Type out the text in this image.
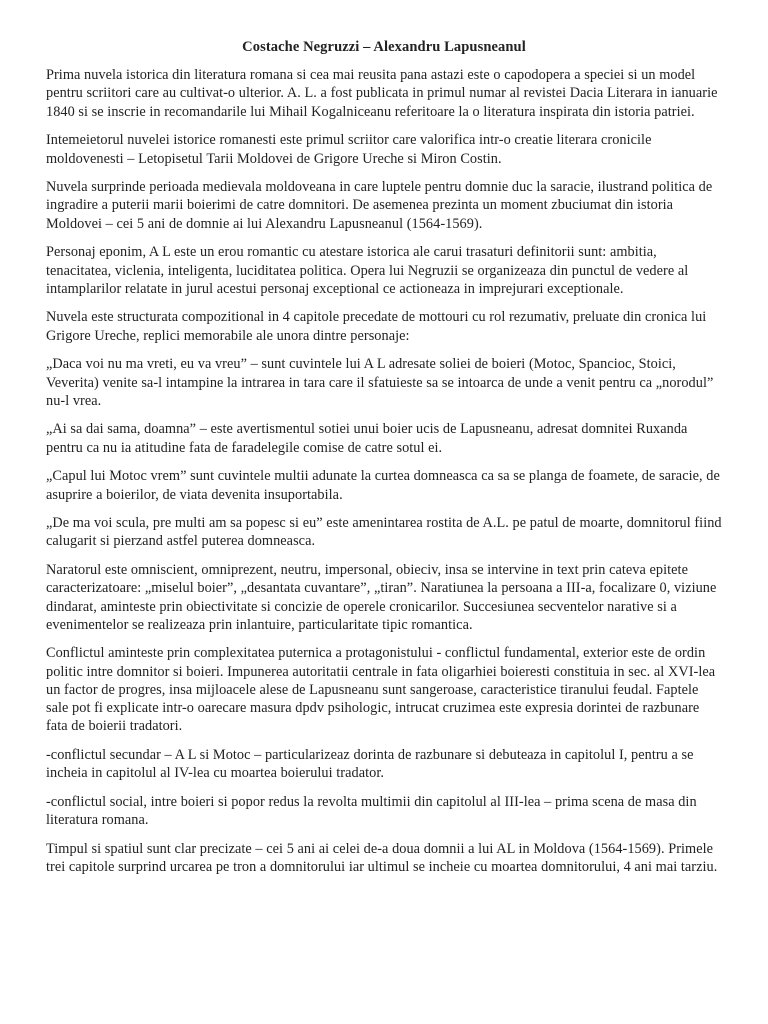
Costache Negruzzi – Alexandru Lapusneanul

Prima nuvela istorica din literatura romana si cea mai reusita pana astazi este o capodopera a speciei si un model pentru scriitori care au cultivat-o ulterior. A. L. a fost publicata in primul numar al revistei Dacia Literara in ianuarie 1840 si se inscrie in recomandarile lui Mihail Kogalniceanu referitoare la o literatura inspirata din istoria patriei.

Intemeietorul nuvelei istorice romanesti este primul scriitor care valorifica intr-o creatie literara cronicile moldovenesti – Letopisetul Tarii Moldovei de Grigore Ureche si Miron Costin.

Nuvela surprinde perioada medievala moldoveana in care luptele pentru domnie duc la saracie, ilustrand politica de ingradire a puterii marii boierimi de catre domnitori. De asemenea prezinta un moment zbuciumat din istoria Moldovei – cei 5 ani de domnie ai lui Alexandru Lapusneanul (1564-1569).

Personaj eponim, A L este un erou romantic cu atestare istorica ale carui trasaturi definitorii sunt: ambitia, tenacitatea, viclenia, inteligenta, luciditatea politica. Opera lui Negruzii se organizeaza din punctul de vedere al intamplarilor relatate in jurul acestui personaj exceptional ce actioneaza in imprejurari exceptionale.

Nuvela este structurata compozitional in 4 capitole precedate de mottouri cu rol rezumativ, preluate din cronica lui Grigore Ureche, replici memorabile ale unora dintre personaje:

„Daca voi nu ma vreti, eu va vreu” – sunt cuvintele lui A L adresate soliei de boieri (Motoc, Spancioc, Stoici, Veverita) venite sa-l intampine la intrarea in tara care il sfatuieste sa se intoarca de unde a venit pentru ca „norodul” nu-l vrea.

„Ai sa dai sama, doamna” – este avertismentul sotiei unui boier ucis de Lapusneanu, adresat domnitei Ruxanda pentru ca nu ia atitudine fata de faradelegile comise de catre sotul ei.

„Capul lui Motoc vrem” sunt cuvintele multii adunate la curtea domneasca ca sa se planga de foamete, de saracie, de asuprire a boierilor, de viata devenita insuportabila.

„De ma voi scula, pre multi am sa popesc si eu” este amenintarea rostita de A.L. pe patul de moarte, domnitorul fiind calugarit si pierzand astfel puterea domneasca.

Naratorul este omniscient, omniprezent, neutru, impersonal, obieciv, insa se intervine in text prin cateva epitete caracterizatoare: „miselul boier”, „desantata cuvantare”, „tiran”. Naratiunea la persoana a III-a, focalizare 0, viziune dindarat, aminteste prin obiectivitate si concizie de operele cronicarilor. Succesiunea secventelor narative si a evenimentelor se realizeaza prin inlantuire, particularitate tipic romantica.

Conflictul aminteste prin complexitatea puternica a protagonistului - conflictul fundamental, exterior este de ordin politic intre domnitor si boieri. Impunerea autoritatii centrale in fata oligarhiei boieresti constituia in sec. al XVI-lea un factor de progres, insa mijloacele alese de Lapusneanu sunt sangeroase, caracteristice tiranului feudal. Faptele sale pot fi explicate intr-o oarecare masura dpdv psihologic, intrucat cruzimea este expresia dorintei de razbunare fata de boierii tradatori.

-conflictul secundar – A L si Motoc – particularizeaz dorinta de razbunare si debuteaza in capitolul I, pentru a se incheia in capitolul al IV-lea cu moartea boierului tradator.

-conflictul social, intre boieri si popor redus la revolta multimii din capitolul al III-lea – prima scena de masa din literatura romana.

Timpul si spatiul sunt clar precizate – cei 5 ani ai celei de-a doua domnii a lui AL in Moldova (1564-1569). Primele trei capitole surprind urcarea pe tron a domnitorului iar ultimul se incheie cu moartea domnitorului, 4 ani mai tarziu.
